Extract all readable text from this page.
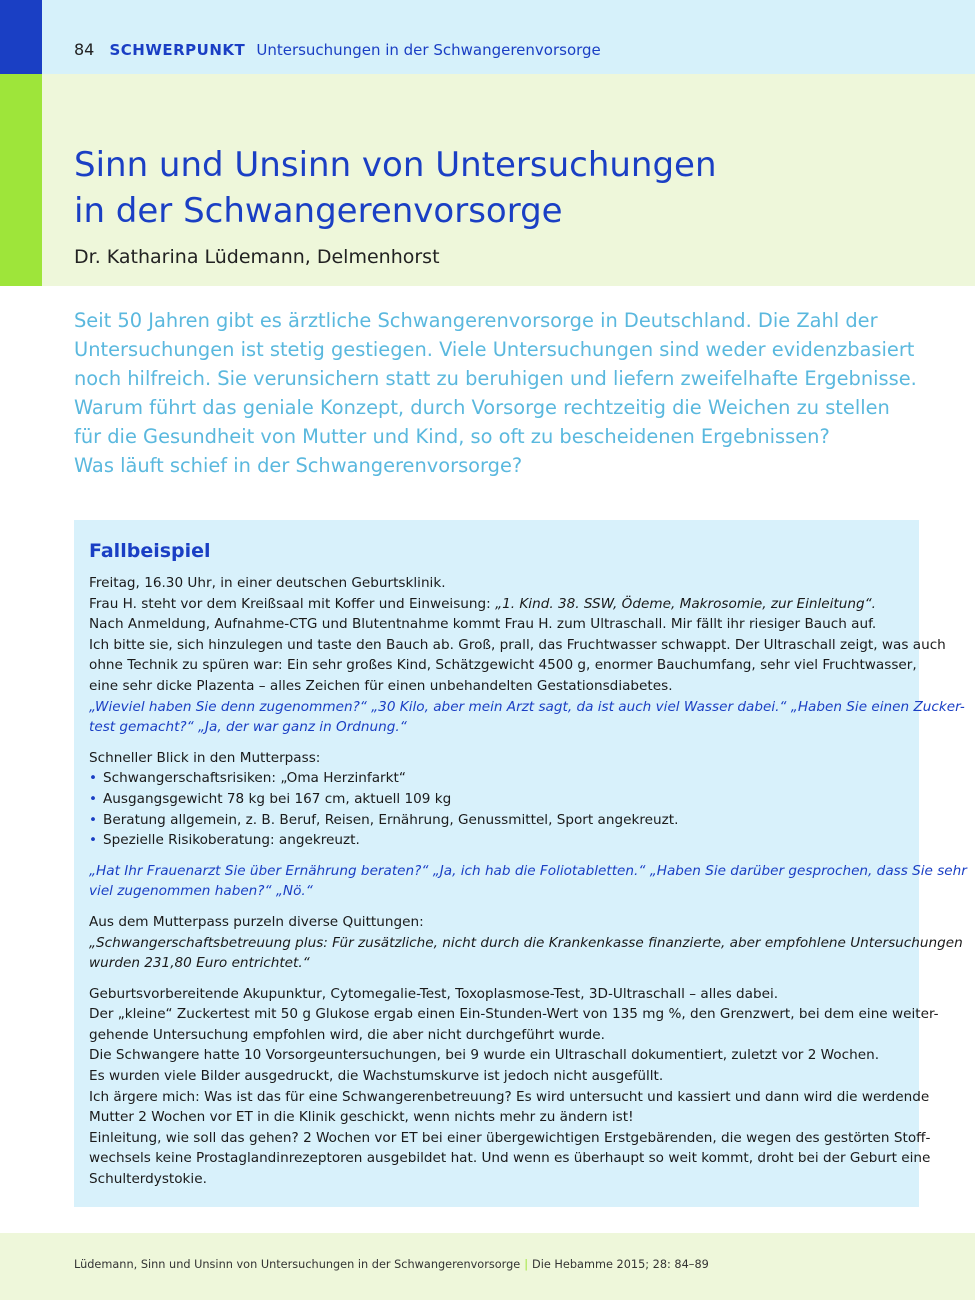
84 SCHWERPUNKT Untersuchungen in der Schwangerenvorsorge
Sinn und Unsinn von Untersuchungen
in der Schwangerenvorsorge
Dr. Katharina Lüdemann, Delmenhorst

Seit 50 Jahren gibt es ärztliche Schwangerenvorsorge in Deutschland. Die Zahl der
Untersuchungen ist stetig gestiegen. Viele Untersuchungen sind weder evidenzbasiert
noch hilfreich. Sie verunsichern statt zu beruhigen und liefern zweifelhafte Ergebnisse.
Warum führt das geniale Konzept, durch Vorsorge rechtzeitig die Weichen zu stellen
für die Gesundheit von Mutter und Kind, so oft zu bescheidenen Ergebnissen?
Was läuft schief in der Schwangerenvorsorge?

Fallbeispiel
Freitag, 16.30 Uhr, in einer deutschen Geburtsklinik.
Frau H. steht vor dem Kreißsaal mit Koffer und Einweisung: „1. Kind. 38. SSW, Ödeme, Makrosomie, zur Einleitung“.
Nach Anmeldung, Aufnahme-CTG und Blutentnahme kommt Frau H. zum Ultraschall. Mir fällt ihr riesiger Bauch auf.
Ich bitte sie, sich hinzulegen und taste den Bauch ab. Groß, prall, das Fruchtwasser schwappt. Der Ultraschall zeigt, was auch
ohne Technik zu spüren war: Ein sehr großes Kind, Schätzgewicht 4500 g, enormer Bauchumfang, sehr viel Fruchtwasser,
eine sehr dicke Plazenta – alles Zeichen für einen unbehandelten Gestationsdiabetes.
„Wieviel haben Sie denn zugenommen?“ „30 Kilo, aber mein Arzt sagt, da ist auch viel Wasser dabei.“ „Haben Sie einen Zucker-
test gemacht?“ „Ja, der war ganz in Ordnung.“
Schneller Blick in den Mutterpass:
• Schwangerschaftsrisiken: „Oma Herzinfarkt“
• Ausgangsgewicht 78 kg bei 167 cm, aktuell 109 kg
• Beratung allgemein, z. B. Beruf, Reisen, Ernährung, Genussmittel, Sport angekreuzt.
• Spezielle Risikoberatung: angekreuzt.
„Hat Ihr Frauenarzt Sie über Ernährung beraten?“ „Ja, ich hab die Foliotabletten.“ „Haben Sie darüber gesprochen, dass Sie sehr
viel zugenommen haben?“ „Nö.“
Aus dem Mutterpass purzeln diverse Quittungen:
„Schwangerschaftsbetreuung plus: Für zusätzliche, nicht durch die Krankenkasse finanzierte, aber empfohlene Untersuchungen
wurden 231,80 Euro entrichtet.“
Geburtsvorbereitende Akupunktur, Cytomegalie-Test, Toxoplasmose-Test, 3D-Ultraschall – alles dabei.
Der „kleine“ Zuckertest mit 50 g Glukose ergab einen Ein-Stunden-Wert von 135 mg %, den Grenzwert, bei dem eine weiter-
gehende Untersuchung empfohlen wird, die aber nicht durchgeführt wurde.
Die Schwangere hatte 10 Vorsorgeuntersuchungen, bei 9 wurde ein Ultraschall dokumentiert, zuletzt vor 2 Wochen.
Es wurden viele Bilder ausgedruckt, die Wachstumskurve ist jedoch nicht ausgefüllt.
Ich ärgere mich: Was ist das für eine Schwangerenbetreuung? Es wird untersucht und kassiert und dann wird die werdende
Mutter 2 Wochen vor ET in die Klinik geschickt, wenn nichts mehr zu ändern ist!
Einleitung, wie soll das gehen? 2 Wochen vor ET bei einer übergewichtigen Erstgebärenden, die wegen des gestörten Stoff-
wechsels keine Prostaglandinrezeptoren ausgebildet hat. Und wenn es überhaupt so weit kommt, droht bei der Geburt eine
Schulterdystokie.
Lüdemann, Sinn und Unsinn von Untersuchungen in der Schwangerenvorsorge | Die Hebamme 2015; 28: 84–89
